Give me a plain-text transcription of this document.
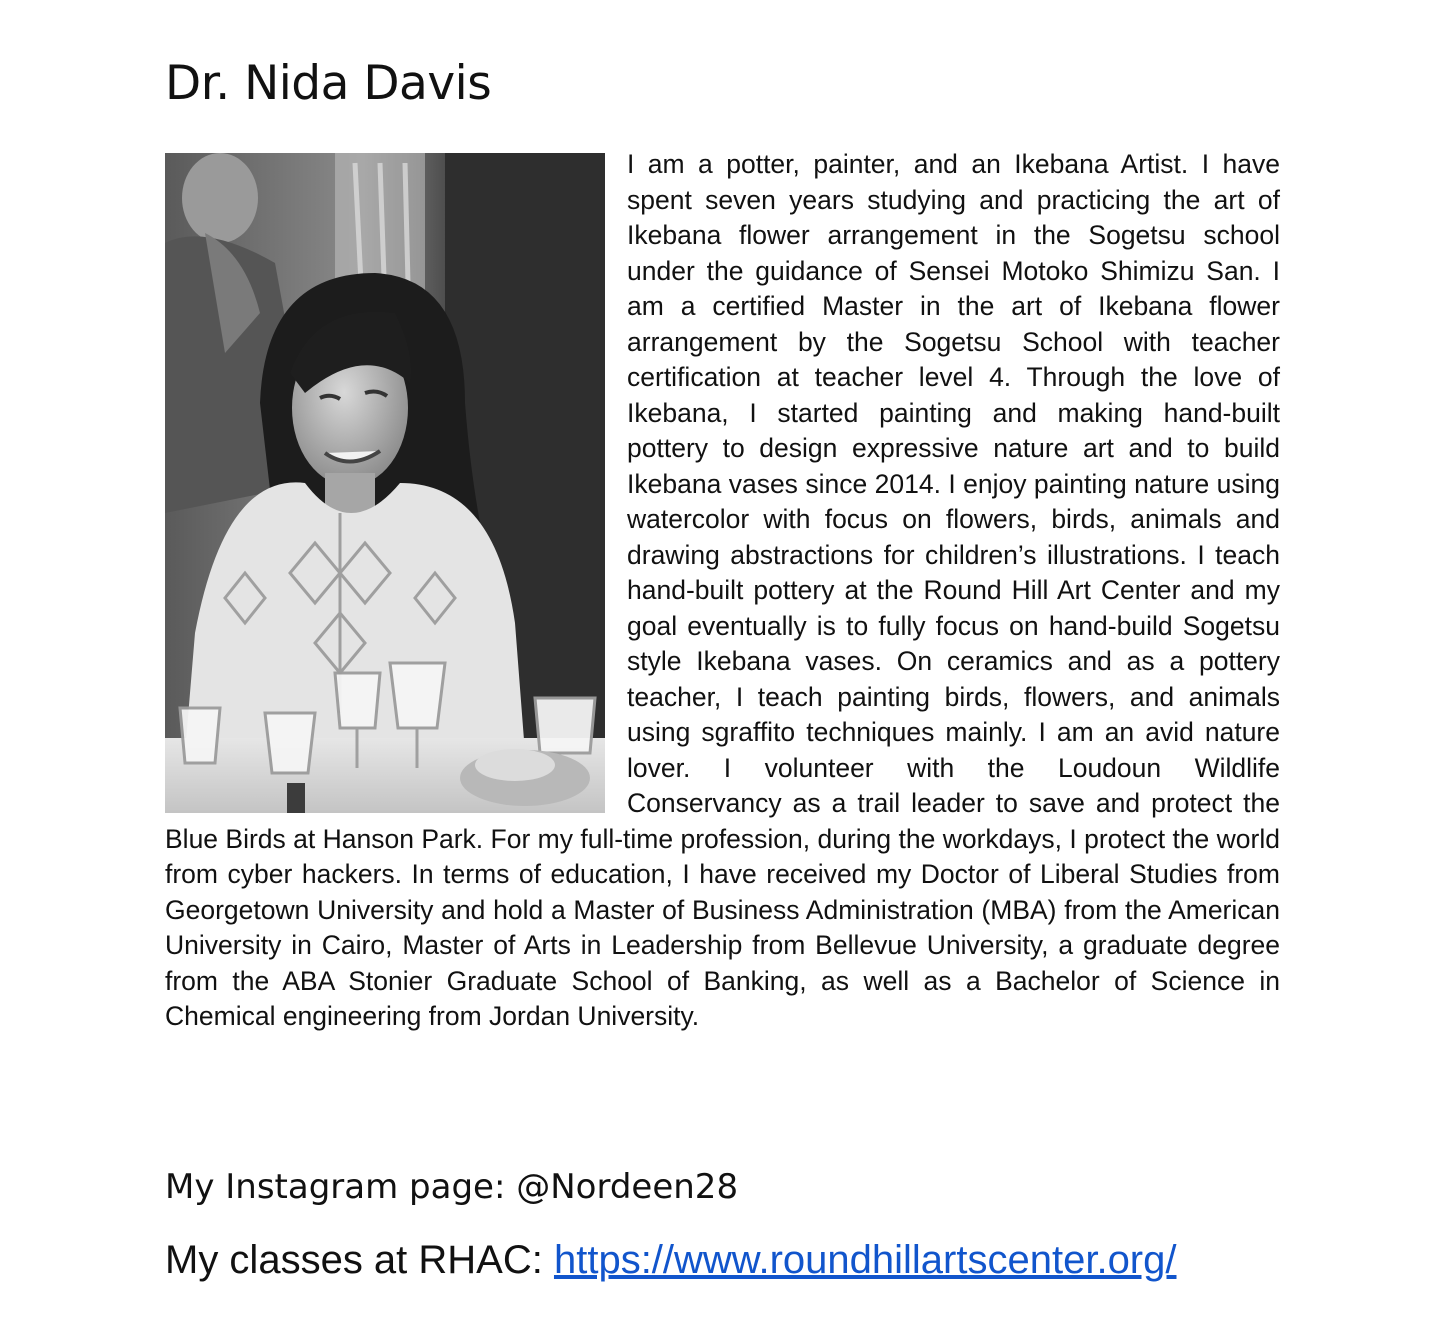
Dr. Nida Davis
I am a potter, painter, and an Ikebana Artist. I have spent seven years studying and practicing the art of Ikebana flower arrangement in the Sogetsu school under the guidance of Sensei Motoko Shimizu San. I am a certified Master in the art of Ikebana flower arrangement by the Sogetsu School with teacher certification at teacher level 4. Through the love of Ikebana, I started painting and making hand-built pottery to design expressive nature art and to build Ikebana vases since 2014. I enjoy painting nature using watercolor with focus on flowers, birds, animals and drawing abstractions for children’s illustrations. I teach hand-built pottery at the Round Hill Art Center and my goal eventually is to fully focus on hand-build Sogetsu style Ikebana vases. On ceramics and as a pottery teacher, I teach painting birds, flowers, and animals using sgraffito techniques mainly. I am an avid nature lover. I volunteer with the Loudoun Wildlife Conservancy as a trail leader to save and protect the Blue Birds at Hanson Park. For my full-time profession, during the workdays, I protect the world from cyber hackers. In terms of education, I have received my Doctor of Liberal Studies from Georgetown University and hold a Master of Business Administration (MBA) from the American University in Cairo, Master of Arts in Leadership from Bellevue University, a graduate degree from the ABA Stonier Graduate School of Banking, as well as a Bachelor of Science in Chemical engineering from Jordan University.

My Instagram page: @Nordeen28

My classes at RHAC: https://www.roundhillartscenter.org/
